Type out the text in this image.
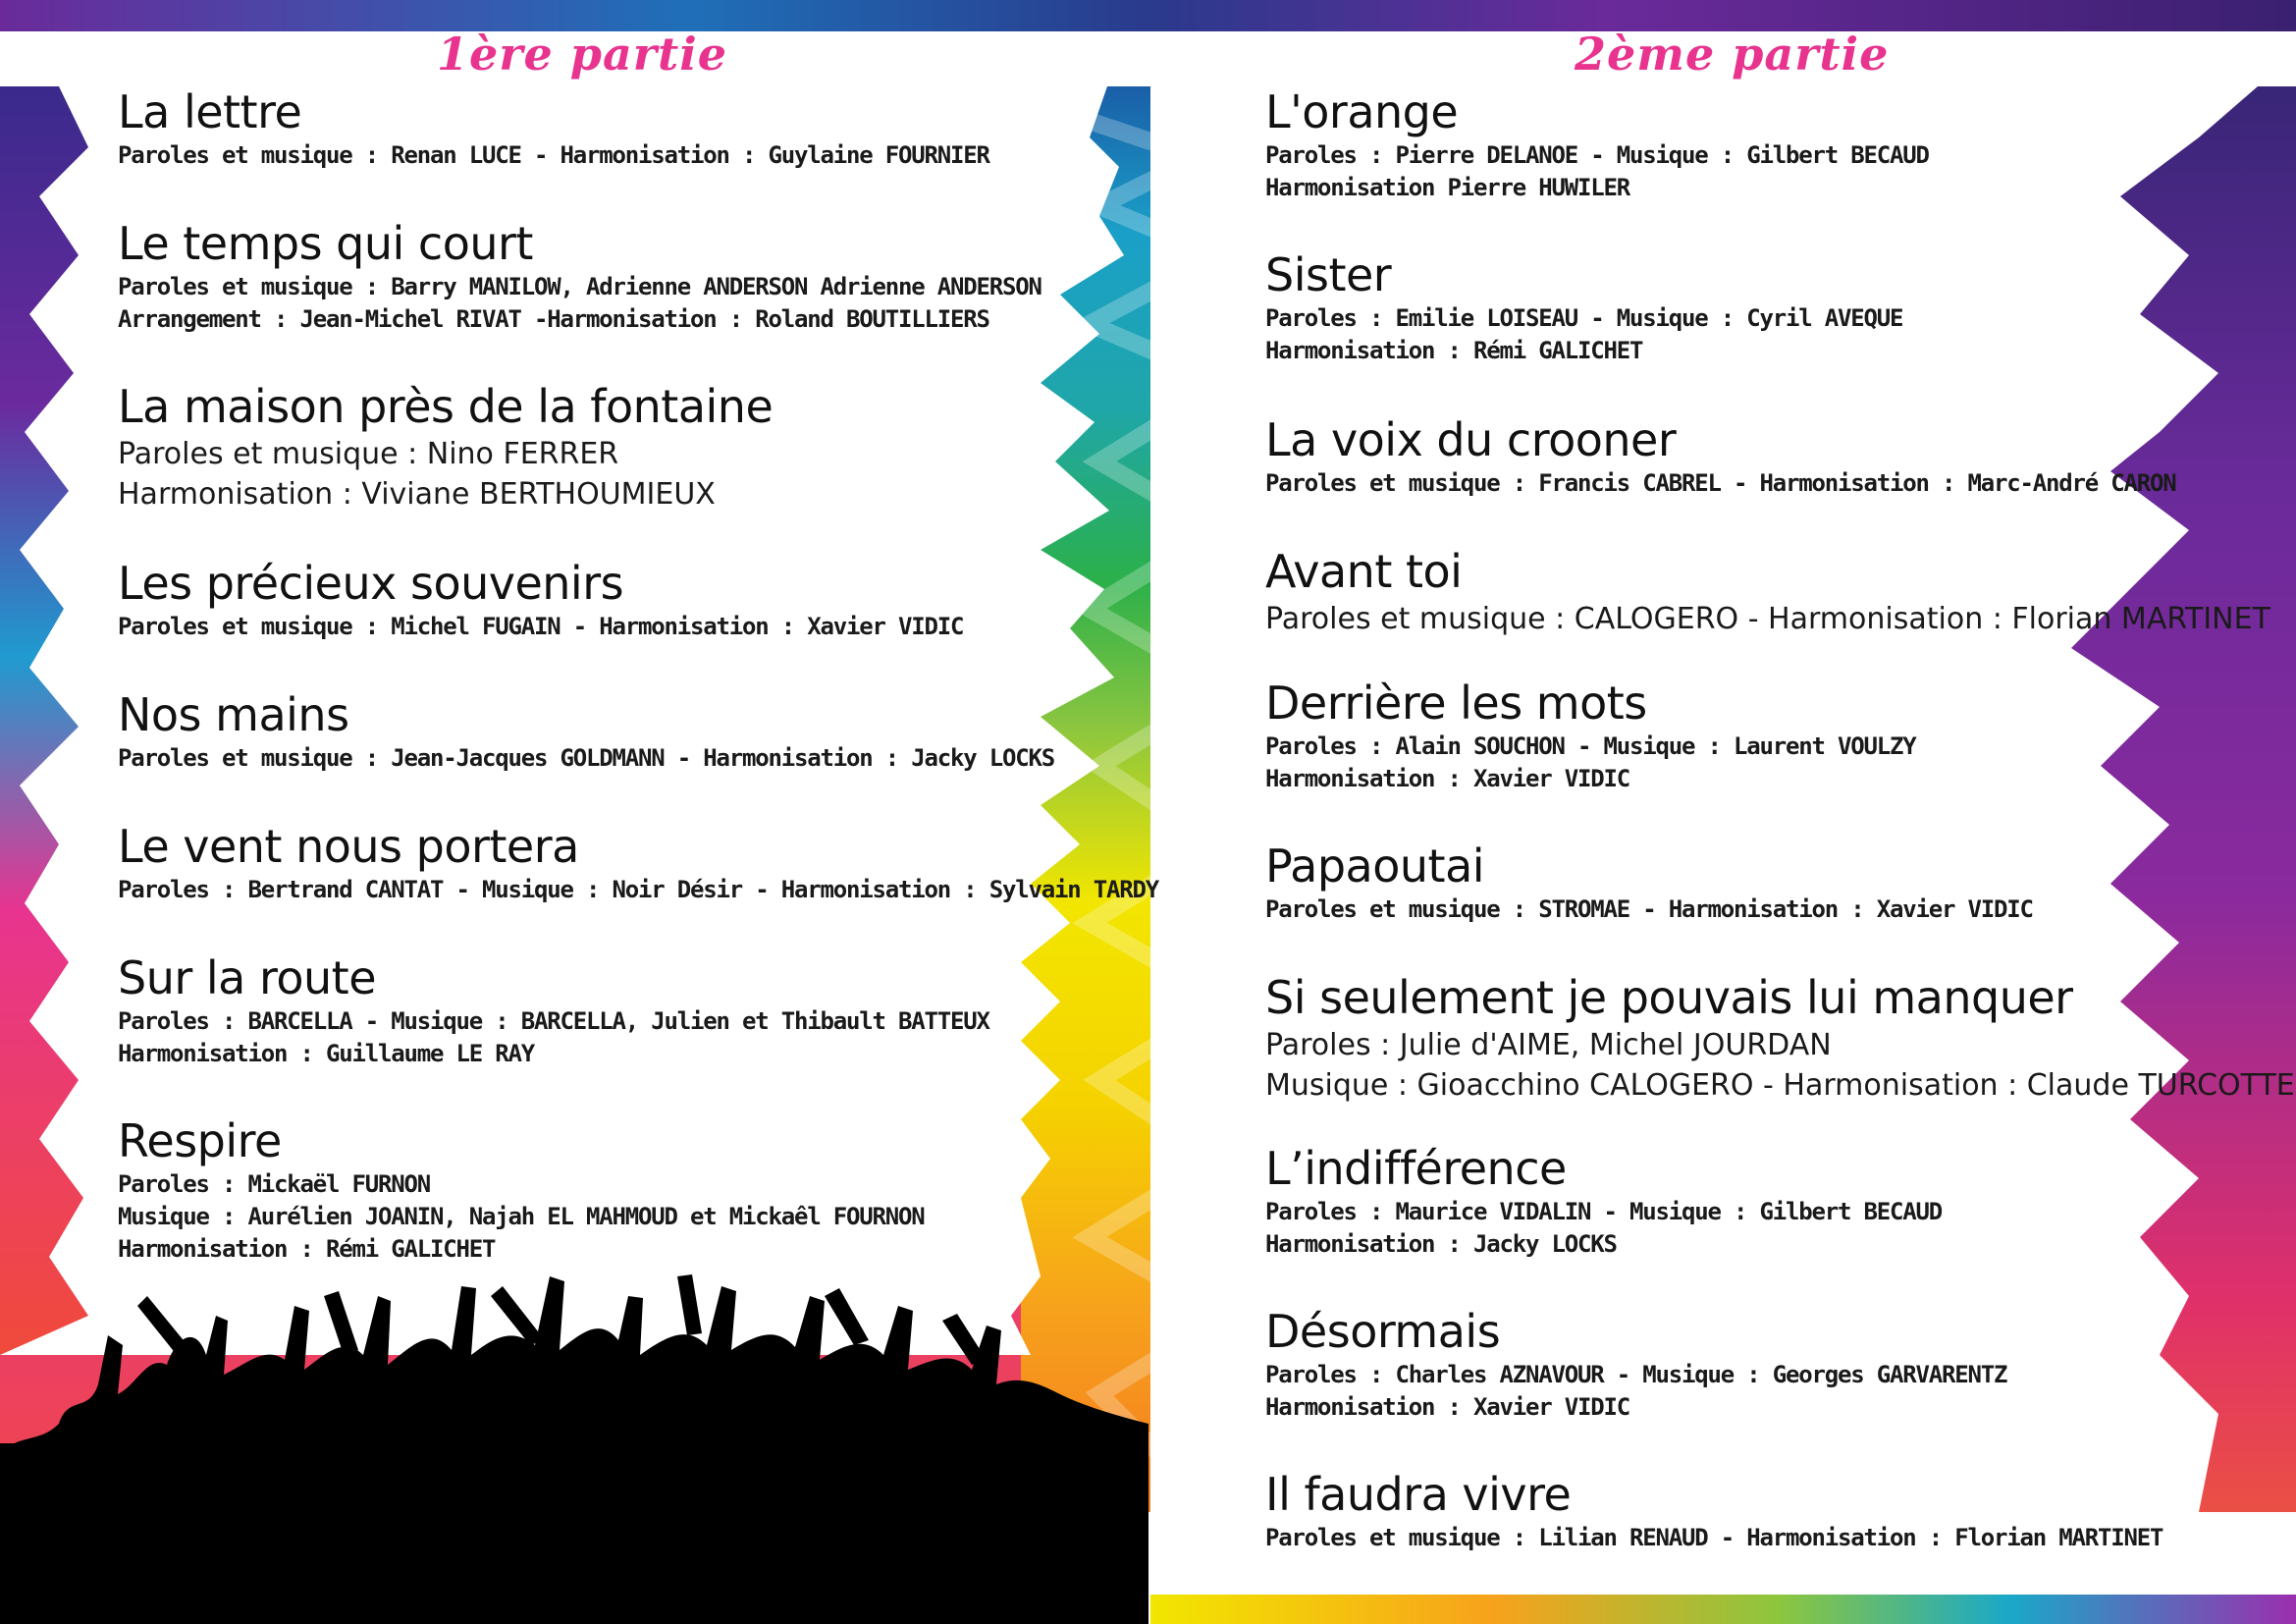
1ère partie
La lettre
Paroles et musique : Renan LUCE - Harmonisation : Guylaine FOURNIER
Le temps qui court
Paroles et musique : Barry MANILOW, Adrienne ANDERSON Adrienne ANDERSON
Arrangement : Jean-Michel RIVAT -Harmonisation : Roland BOUTILLIERS
La maison près de la fontaine
Paroles et musique : Nino FERRER
Harmonisation : Viviane BERTHOUMIEUX
Les précieux souvenirs
Paroles et musique : Michel FUGAIN - Harmonisation : Xavier VIDIC
Nos mains
Paroles et musique : Jean-Jacques GOLDMANN - Harmonisation : Jacky LOCKS
Le vent nous portera
Paroles : Bertrand CANTAT - Musique : Noir Désir - Harmonisation : Sylvain TARDY
Sur la route
Paroles : BARCELLA - Musique : BARCELLA, Julien et Thibault BATTEUX
Harmonisation : Guillaume LE RAY
Respire
Paroles : Mickaël FURNON
Musique : Aurélien JOANIN, Najah EL MAHMOUD et Mickaêl FOURNON
Harmonisation : Rémi GALICHET
2ème partie
L'orange
Paroles : Pierre DELANOE - Musique : Gilbert BECAUD
Harmonisation Pierre HUWILER
Sister
Paroles : Emilie LOISEAU - Musique : Cyril AVEQUE
Harmonisation : Rémi GALICHET
La voix du crooner
Paroles et musique : Francis CABREL - Harmonisation : Marc-André CARON
Avant toi
Paroles et musique : CALOGERO - Harmonisation : Florian MARTINET
Derrière les mots
Paroles : Alain SOUCHON - Musique : Laurent VOULZY
Harmonisation : Xavier VIDIC
Papaoutai
Paroles et musique : STROMAE - Harmonisation : Xavier VIDIC
Si seulement je pouvais lui manquer
Paroles : Julie d'AIME, Michel JOURDAN
Musique : Gioacchino CALOGERO - Harmonisation : Claude TURCOTTE
L’indifférence
Paroles : Maurice VIDALIN - Musique : Gilbert BECAUD
Harmonisation : Jacky LOCKS
Désormais
Paroles : Charles AZNAVOUR - Musique : Georges GARVARENTZ
Harmonisation : Xavier VIDIC
Il faudra vivre
Paroles et musique : Lilian RENAUD - Harmonisation : Florian MARTINET
